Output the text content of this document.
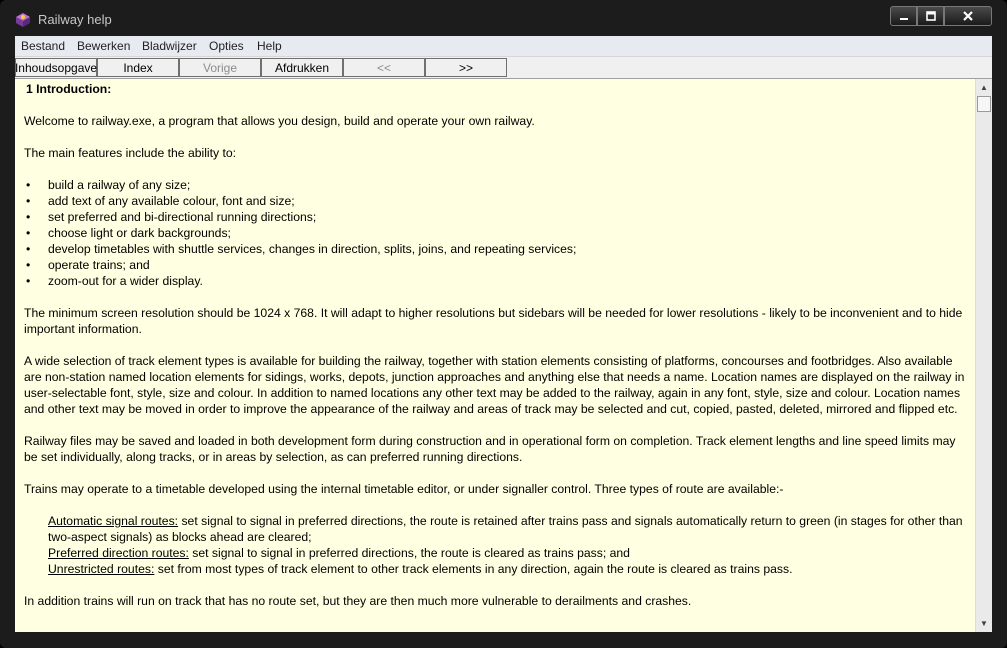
Railway help
Bestand Bewerken Bladwijzer Opties Help
Inhoudsopgave	Index	Vorige	Afdrukken	<<	>>

1 Introduction:

Welcome to railway.exe, a program that allows you design, build and operate your own railway.

The main features include the ability to:

• build a railway of any size;
• add text of any available colour, font and size;
• set preferred and bi-directional running directions;
• choose light or dark backgrounds;
• develop timetables with shuttle services, changes in direction, splits, joins, and repeating services;
• operate trains; and
• zoom-out for a wider display.

The minimum screen resolution should be 1024 x 768. It will adapt to higher resolutions but sidebars will be needed for lower resolutions - likely to be inconvenient and to hide important information.

A wide selection of track element types is available for building the railway, together with station elements consisting of platforms, concourses and footbridges. Also available are non-station named location elements for sidings, works, depots, junction approaches and anything else that needs a name. Location names are displayed on the railway in user-selectable font, style, size and colour. In addition to named locations any other text may be added to the railway, again in any font, style, size and colour. Location names and other text may be moved in order to improve the appearance of the railway and areas of track may be selected and cut, copied, pasted, deleted, mirrored and flipped etc.

Railway files may be saved and loaded in both development form during construction and in operational form on completion. Track element lengths and line speed limits may be set individually, along tracks, or in areas by selection, as can preferred running directions.

Trains may operate to a timetable developed using the internal timetable editor, or under signaller control. Three types of route are available:-

Automatic signal routes: set signal to signal in preferred directions, the route is retained after trains pass and signals automatically return to green (in stages for other than two-aspect signals) as blocks ahead are cleared;

Preferred direction routes: set signal to signal in preferred directions, the route is cleared as trains pass; and

Unrestricted routes: set from most types of track element to other track elements in any direction, again the route is cleared as trains pass.

In addition trains will run on track that has no route set, but they are then much more vulnerable to derailments and crashes.

▲
▼
